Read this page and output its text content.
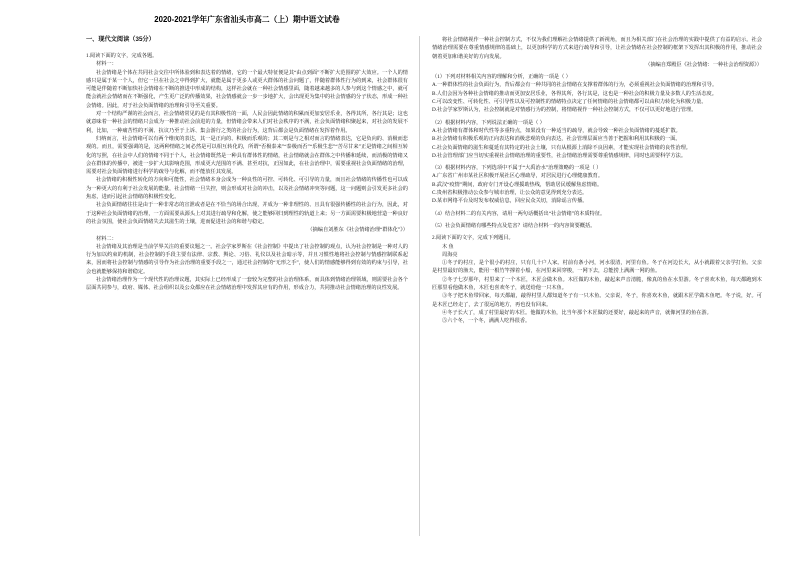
2020-2021学年广东省汕头市高二（上）期中语文试卷
一、现代文阅读（35分）

1.阅读下面的文字，完成各题。

材料一：

社会情绪是个体在共同社会交往中所体验到和表达着的情绪，它的一个最大特征便是其“由点到面”不断扩大范围的扩大效应。一个人的情感只是属于某一个人，但它一旦在社会之中得到扩大，就能是属于更多人或更大群体的社会问题了，伴随着群体性行为的到来，社会群体很有可能是伴随着不断加快社会情绪在不断的推进中形成的结构，这样社会就在一种社会情感里面，随着越来越多的人参与到这个情感之中，就可能会就社会情绪而在不断强化，产生更广泛的传播效果，社会情感就会一步一步地扩大，会出现更为集中的社会情感的分子状态，形成一种社会情绪。因此，对于社会负面情绪的治理和引导至关重要。

对一个结构严谨的社会而言，社会情绪常见的是有其积极性的一面，人民会因此情绪的积累而更加安居乐业，各得其所，各行其是；这也就意味着一种社会的情绪只会成为一种推动社会前进的力量，但情绪会带来人们对社会秩序的不满，社会负面情绪积聚起来，对社会的发展不利，比如，一种痛苦性的不满、抗议乃至于上诉、集会游行之类的社会行为，这背后都会是负面情绪在发挥着作用。

归纳而言，社会情绪可以有两个维度的表达，其一是正向的、积极而乐观的；其二则是与之相对而言的情绪表达，它是负向的、消极而悲观的。而且，需要强调的是，这两种情绪之间必然是可以相互转化的，所谓“否极泰来”“泰极而否”“乐极生悲”“苦尽甘来”正是情绪之间相互转化的写照，在社会中人们的情绪不同于个人，社会情绪既然是一种具有群体性的情绪，社会情绪就会在群体之中传播和延续，而消极的情绪又会在群体的传播中，被进一步扩大其影响范围，形成更大范围的不满、甚至对抗，正因如此，在社会治理中，需要重视社会负面情绪的治理，需要对社会负面情绪进行科学的疏导与化解，而不能放任其发展。

社会情绪的积极性转化的方向和可能性，社会情绪本身会成为一种良性的可控、可转化、可引导的力量，而且社会情绪的传播性也可以成为一种更大的有利于社会发展的能量，社会情绪一旦失控，则会形成对社会的冲击，以及社会情绪冲突等问题，这一问题则会引发更多社会的焦虑，进而引起社会情绪的积极性变化。

社会负面情绪往往是由于一种非常态的宣泄或者是在不恰当的场合出现，并成为一种非理性的、且具有很强传播性的社会行为，因此，对于这种社会负面情绪的治理，一方面需要从源头上对其进行疏导和化解，使之能够回归到理性的轨道上来；另一方面需要积极地营造一种良好的社会氛围，使社会负面情绪失去其滋生的土壤，进而促进社会的和谐与稳定。

（摘编自刘胜东《社会情绪治理“群体化”》）

材料二：

社会情绪及其治理是当前学界关注的重要议题之一。社会学家罗斯在《社会控制》中提出了社会控制的观点，认为社会控制是一种对人的行为加以约束的机制，社会控制的手段主要有法律、宗教、舆论、习俗、礼仪以及社会暗示等，并且习惯性地将社会控制与情感控制联系起来，因而将社会控制与情感的引导作为社会治理的重要手段之一，通过社会控制的“无形之手”，使人们的情感能够得到有效的约束与引导，社会也就能够保持和谐稳定。

社会情绪治理作为一个现代性的治理议题，其实际上已经形成了一套较为完整的社会治理体系，而具体到情绪治理领域，则需要社会各个层面共同参与，政府、媒体、社会组织以及公众都应在社会情绪治理中发挥其应有的作用，形成合力，共同推动社会情绪治理的良性发展。

将社会情绪视作一种社会控制方式，不仅为我们理解社会情绪提供了新视角，而且为相关部门在社会治理的实践中提供了有益的启示。社会情绪治理需要在尊重情感规律的基础上，以更加科学的方式来进行疏导和引导，让社会情绪在社会控制的框架下发挥出其积极的作用，推动社会朝着更加和谐美好的方向发展。

（摘编自郑殿臣《社会情绪：一种社会治理资源》）

（1）下列对材料相关内容的理解和分析，正确的一项是（ ）

A.一种群体性的社会负面行为，背后都会有一种共同的社会情绪在支撑着群体的行为，必须重视社会负面情绪的治理和引导。

B.人们会因为各种社会情绪的推动而更加安居乐业，各得其所，各行其是，这也是一种社会的积极力量及多数人的生活态度。

C.可以改变性、可转化性、可引导性以及可控制性的情绪特点决定了任何情绪的社会情绪都可以由积力转化为积极力量。

D.社会学家罗斯认为，社会控制就是对情感行为的控制，将情绪视作一种社会控制方式，不仅可以更好地进行管理。

（2）根据材料内容，下列说法正确的一项是（ ）

A.社会情绪有群体和时代性等多重特点，如果没有一种适当的疏导，就会导致一种社会负面情绪的蔓延扩散。

B.社会情绪有积极乐观的正向表达和消极悲观的负向表达，社会管理层面应当善于把握和利用其积极的一面。

C.社会负面情绪的滋生和蔓延有其特定的社会土壤，只有从根源上消除不良因素，才能实现社会情绪的良性治理。

D.社会管理部门应当切实重视社会情绪治理的重要性，社会情绪治理需要尊重情感规律，同时也需要科学方法。

（3）根据材料内容，下列选项中不属于“大禹治水”治理策略的一项是（ ）

A.广东省广州市某社区积极开展社区心理疏导，对居民进行心理健康教育。

B.武汉“疫情”期间，政府专门开设心理援助热线，帮助居民缓解焦虑情绪。

C.贵州省积极推动公众参与城市治理，让公众的意见得到充分表达。

D.某市网络平台及时发布权威信息，回应民众关切，消除谣言传播。

（4）结合材料二的有关内容，请用一两句话概括出“社会情绪”的本质特征。

（5）社会负面情绪有哪些特点及危害？请结合材料一的内容简要概括。

2.阅读下面的文字，完成下列题目。

木 鱼

周海亮

①冬子的村庄，是个很小的村庄，只有几十户人家。村前有条小河，河水很清，河里有鱼。冬子在河边长大，从小就跟着父亲学打鱼。父亲是村里最好的渔夫，能用一根竹竿撑着小船，在河里来回穿梭，一网下去，总能捞上满满一网的鱼。

②冬子七岁那年，村里来了一个木匠，木匠会做木鱼。木匠做的木鱼，敲起来声音清脆，像真的鱼在水里游。冬子喜欢木鱼，每天都跑到木匠那里看他做木鱼，木匠也喜欢冬子，就送给他一只木鱼。

③冬子把木鱼带回家，每天都敲，敲得村里人都知道冬子有一只木鱼。父亲说，冬子，你喜欢木鱼，就跟木匠学做木鱼吧。冬子说，好。可是木匠已经走了，去了很远的地方，再也没有回来。

④冬子长大了，成了村里最好的木匠。他做的木鱼，比当年那个木匠做的还要好，敲起来的声音，就像河里的鱼在游。

⑤六个冬，一个冬，满满人吃得很香。
